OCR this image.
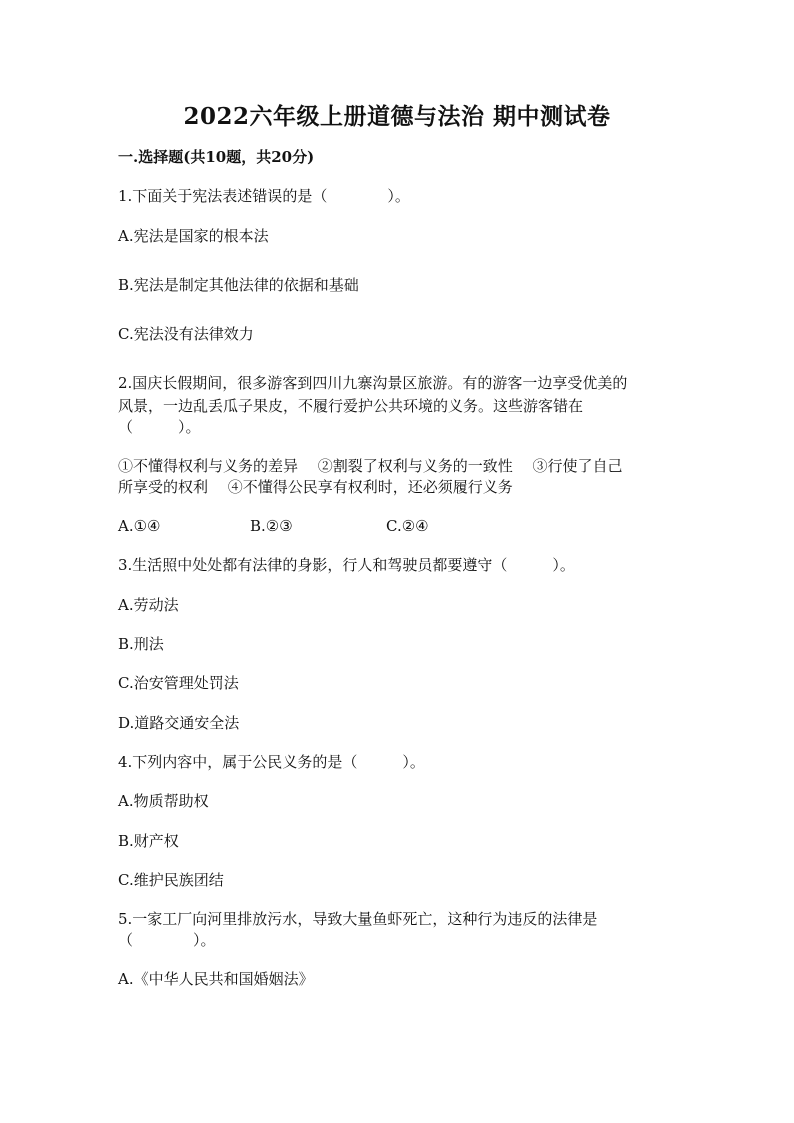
2022六年级上册道德与法治 期中测试卷
一.选择题(共10题，共20分)
1.下面关于宪法表述错误的是（　　　　）。
A.宪法是国家的根本法
B.宪法是制定其他法律的依据和基础
C.宪法没有法律效力
2.国庆长假期间，很多游客到四川九寨沟景区旅游。有的游客一边享受优美的
风景，一边乱丢瓜子果皮，不履行爱护公共环境的义务。这些游客错在
（　　　）。
①不懂得权利与义务的差异　 ②割裂了权利与义务的一致性　 ③行使了自己
所享受的权利　 ④不懂得公民享有权利时，还必须履行义务
A.①④	B.②③	C.②④
3.生活照中处处都有法律的身影，行人和驾驶员都要遵守（　　　）。
A.劳动法
B.刑法
C.治安管理处罚法
D.道路交通安全法
4.下列内容中，属于公民义务的是（　　　）。
A.物质帮助权
B.财产权
C.维护民族团结
5.一家工厂向河里排放污水，导致大量鱼虾死亡，这种行为违反的法律是
（　　　　）。
A.《中华人民共和国婚姻法》
